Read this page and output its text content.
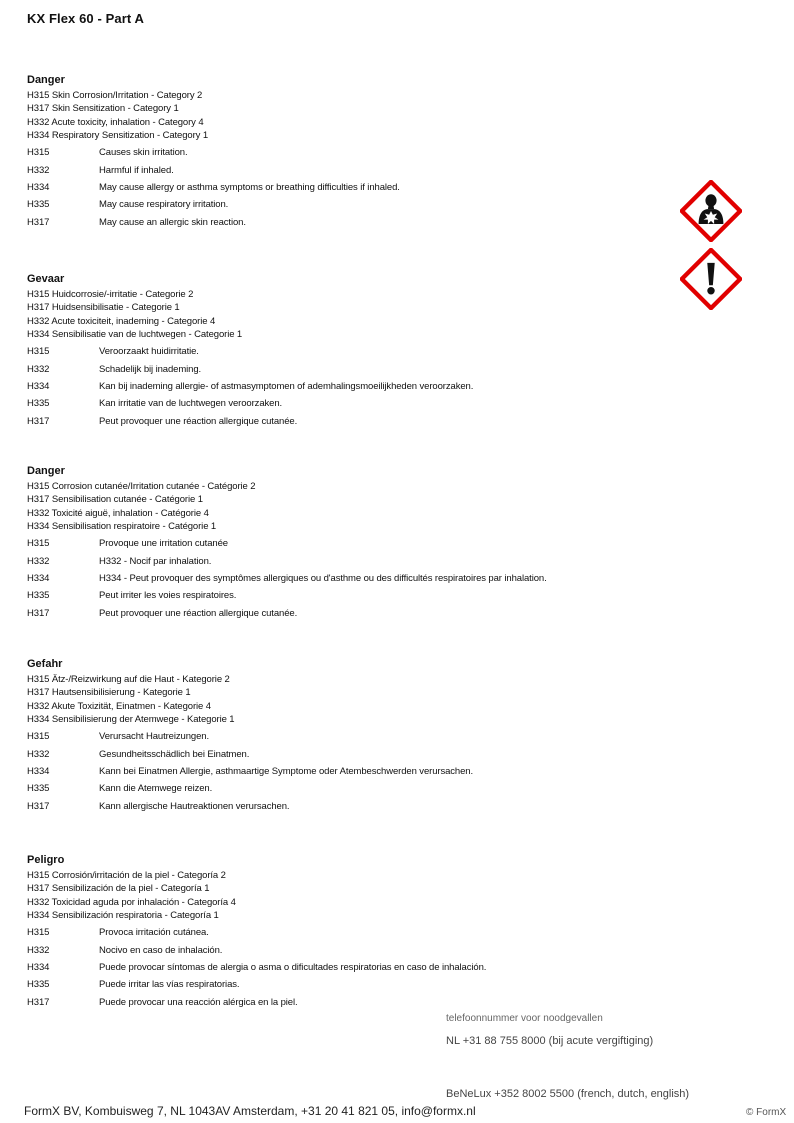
KX Flex 60 - Part A
Danger
H315 Skin Corrosion/Irritation - Category 2
H317 Skin Sensitization - Category 1
H332 Acute toxicity, inhalation - Category 4
H334 Respiratory Sensitization - Category 1
H315	Causes skin irritation.
H332	Harmful if inhaled.
H334	May cause allergy or asthma symptoms or breathing difficulties if inhaled.
H335	May cause respiratory irritation.
H317	May cause an allergic skin reaction.
Gevaar
H315 Huidcorrosie/-irritatie - Categorie 2
H317 Huidsensibilisatie - Categorie 1
H332 Acute toxiciteit, inademing - Categorie 4
H334 Sensibilisatie van de luchtwegen - Categorie 1
H315	Veroorzaakt huidirritatie.
H332	Schadelijk bij inademing.
H334	Kan bij inademing allergie- of astmasymptomen of ademhalingsmoeilijkheden veroorzaken.
H335	Kan irritatie van de luchtwegen veroorzaken.
H317	Peut provoquer une réaction allergique cutanée.
Danger
H315 Corrosion cutanée/Irritation cutanée - Catégorie 2
H317 Sensibilisation cutanée - Catégorie 1
H332 Toxicité aiguë, inhalation - Catégorie 4
H334 Sensibilisation respiratoire - Catégorie 1
H315	Provoque une irritation cutanée
H332	H332 - Nocif par inhalation.
H334	H334 - Peut provoquer des symptômes allergiques ou d'asthme ou des difficultés respiratoires par inhalation.
H335	Peut irriter les voies respiratoires.
H317	Peut provoquer une réaction allergique cutanée.
Gefahr
H315 Ätz-/Reizwirkung auf die Haut - Kategorie 2
H317 Hautsensibilisierung - Kategorie 1
H332 Akute Toxizität, Einatmen - Kategorie 4
H334 Sensibilisierung der Atemwege - Kategorie 1
H315	Verursacht Hautreizungen.
H332	Gesundheitsschädlich bei Einatmen.
H334	Kann bei Einatmen Allergie, asthmaartige Symptome oder Atembeschwerden verursachen.
H335	Kann die Atemwege reizen.
H317	Kann allergische Hautreaktionen verursachen.
Peligro
H315 Corrosión/irritación de la piel - Categoría 2
H317 Sensibilización de la piel - Categoría 1
H332 Toxicidad aguda por inhalación - Categoría 4
H334 Sensibilización respiratoria - Categoría 1
H315	Provoca irritación cutánea.
H332	Nocivo en caso de inhalación.
H334	Puede provocar síntomas de alergia o asma o dificultades respiratorias en caso de inhalación.
H335	Puede irritar las vías respiratorias.
H317	Puede provocar una reacción alérgica en la piel.
telefoonnummer voor noodgevallen
NL +31 88 755 8000 (bij acute vergiftiging)
BeNeLux +352 8002 5500 (french, dutch, english)
FormX BV, Kombuisweg 7, NL 1043AV Amsterdam, +31 20 41 821 05, info@formx.nl	© FormX
